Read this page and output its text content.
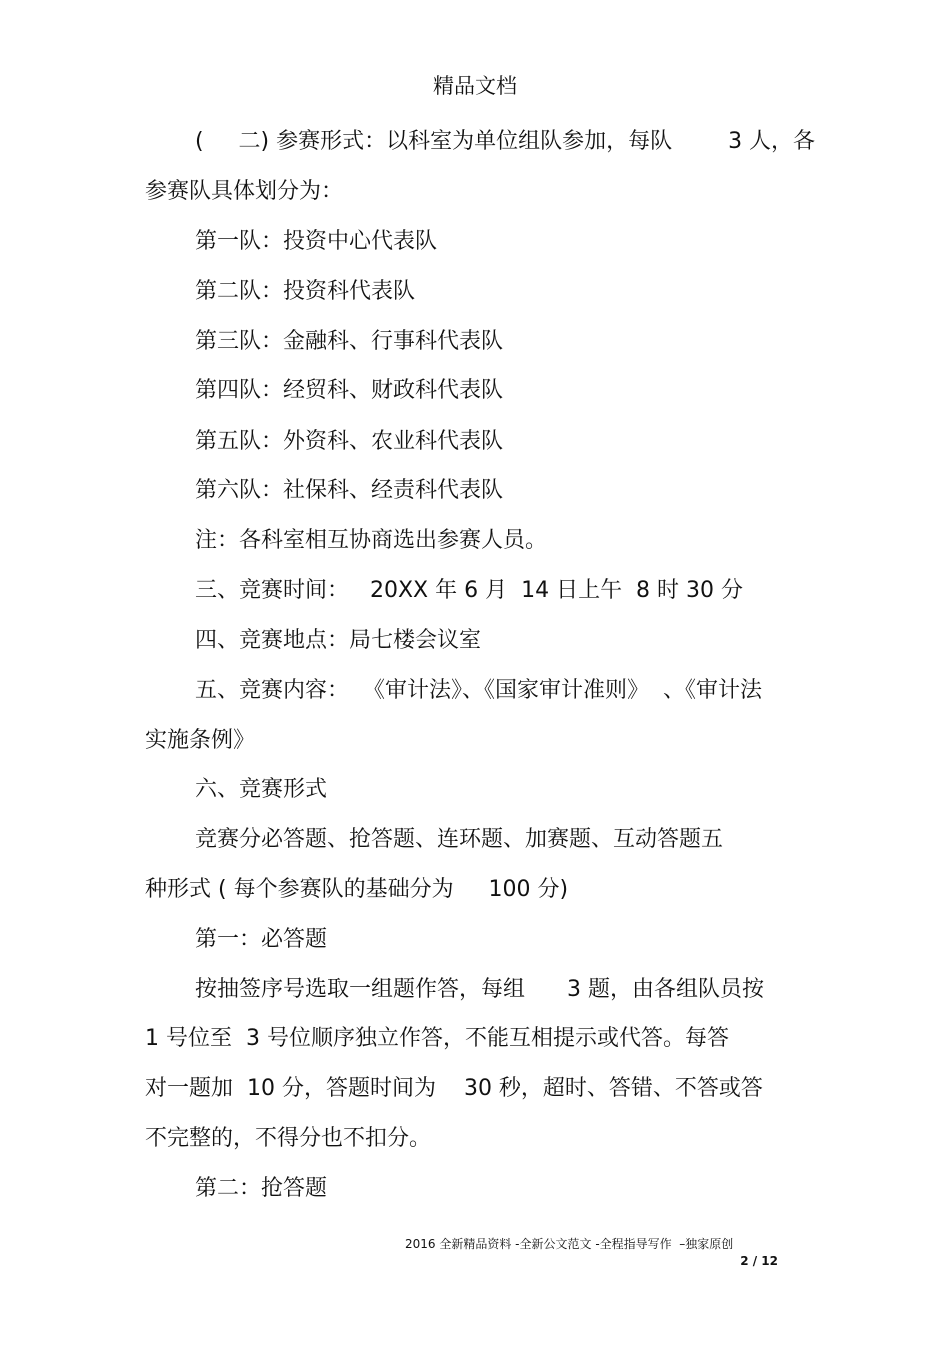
精品文档
(     二) 参赛形式：以科室为单位组队参加，每队        3 人，各
参赛队具体划分为：
第一队：投资中心代表队
第二队：投资科代表队
第三队：金融科、行事科代表队
第四队：经贸科、财政科代表队
第五队：外资科、农业科代表队
第六队：社保科、经责科代表队
注：各科室相互协商选出参赛人员。
三、竞赛时间：   20XX 年 6 月  14 日上午  8 时 30 分
四、竞赛地点：局七楼会议室
五、竞赛内容：  《审计法》、《国家审计准则》  、《审计法
实施条例》
六、竞赛形式
竞赛分必答题、抢答题、连环题、加赛题、互动答题五
种形式 ( 每个参赛队的基础分为     100 分)
第一：必答题
按抽签序号选取一组题作答，每组      3 题，由各组队员按
1 号位至  3 号位顺序独立作答，不能互相提示或代答。每答
对一题加  10 分，答题时间为    30 秒，超时、答错、不答或答
不完整的，不得分也不扣分。
第二：抢答题
2016 全新精品资料 -全新公文范文 -全程指导写作  –独家原创
2 / 12
